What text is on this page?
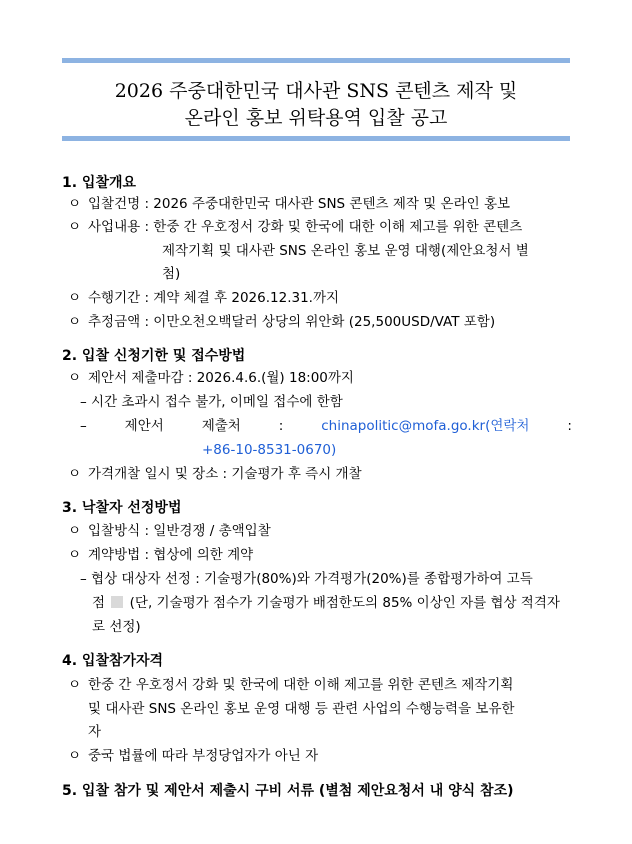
2026 주중대한민국 대사관 SNS 콘텐츠 제작 및
온라인 홍보 위탁용역 입찰 공고
1. 입찰개요
ㅇ 입찰건명 : 2026 주중대한민국 대사관 SNS 콘텐츠 제작 및 온라인 홍보
ㅇ 사업내용 : 한중 간 우호정서 강화 및 한국에 대한 이해 제고를 위한 콘텐츠
제작기획 및 대사관 SNS 온라인 홍보 운영 대행(제안요청서 별
첨)
ㅇ 수행기간 : 계약 체결 후 2026.12.31.까지
ㅇ 추정금액 : 이만오천오백달러 상당의 위안화 (25,500USD/VAT 포함)
2. 입찰 신청기한 및 접수방법
ㅇ 제안서 제출마감 : 2026.4.6.(월) 18:00까지
– 시간 초과시 접수 불가, 이메일 접수에 한함
–	제안서	제출처	:	chinapolitic@mofa.go.kr(연락처	:
+86-10-8531-0670)
ㅇ 가격개찰 일시 및 장소 : 기술평가 후 즉시 개찰
3. 낙찰자 선정방법
ㅇ 입찰방식 : 일반경쟁 / 총액입찰
ㅇ 계약방법 : 협상에 의한 계약
– 협상 대상자 선정 : 기술평가(80%)와 가격평가(20%)를 종합평가하여 고득
점 (단, 기술평가 점수가 기술평가 배점한도의 85% 이상인 자를 협상 적격자
로 선정)
4. 입찰참가자격
ㅇ 한중 간 우호정서 강화 및 한국에 대한 이해 제고를 위한 콘텐츠 제작기획
및 대사관 SNS 온라인 홍보 운영 대행 등 관련 사업의 수행능력을 보유한
자
ㅇ 중국 법률에 따라 부정당업자가 아닌 자
5. 입찰 참가 및 제안서 제출시 구비 서류 (별첨 제안요청서 내 양식 참조)
